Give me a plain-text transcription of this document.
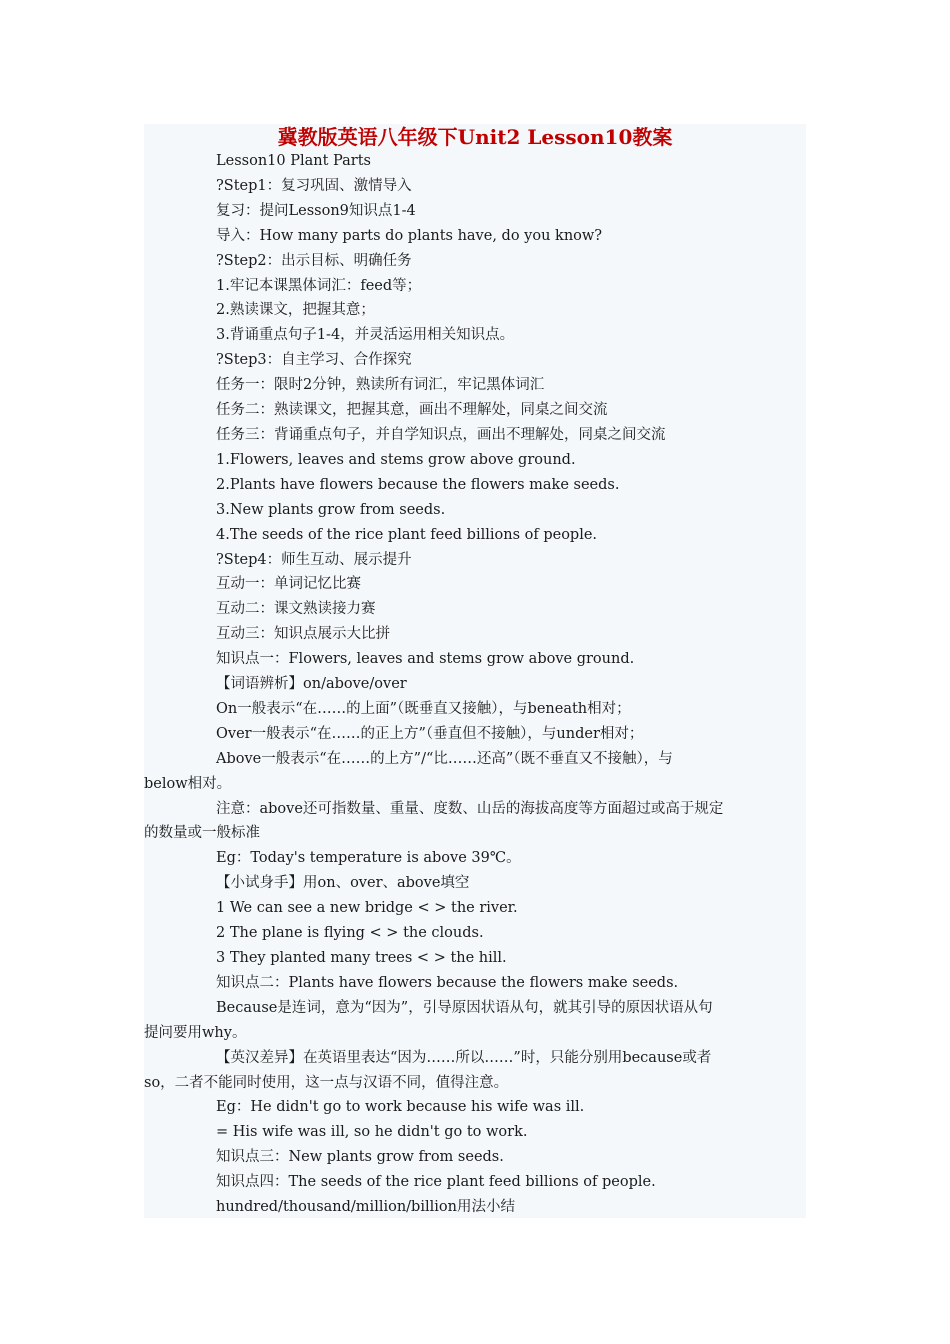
冀教版英语八年级下Unit2 Lesson10教案
Lesson10 Plant Parts
?Step1：复习巩固、激情导入
复习：提问Lesson9知识点1-4
导入：How many parts do plants have, do you know?
?Step2：出示目标、明确任务
1.牢记本课黑体词汇：feed等；
2.熟读课文，把握其意；
3.背诵重点句子1-4，并灵活运用相关知识点。
?Step3：自主学习、合作探究
任务一：限时2分钟，熟读所有词汇，牢记黑体词汇
任务二：熟读课文，把握其意，画出不理解处，同桌之间交流
任务三：背诵重点句子，并自学知识点，画出不理解处，同桌之间交流
1.Flowers, leaves and stems grow above ground.
2.Plants have flowers because the flowers make seeds.
3.New plants grow from seeds.
4.The seeds of the rice plant feed billions of people.
?Step4：师生互动、展示提升
互动一：单词记忆比赛
互动二：课文熟读接力赛
互动三：知识点展示大比拼
知识点一：Flowers, leaves and stems grow above ground.
【词语辨析】on/above/over
On一般表示“在……的上面”（既垂直又接触），与beneath相对；
Over一般表示“在……的正上方”（垂直但不接触），与under相对；
Above一般表示“在……的上方”/“比……还高”（既不垂直又不接触），与
below相对。
注意：above还可指数量、重量、度数、山岳的海拔高度等方面超过或高于规定
的数量或一般标准
Eg：Today's temperature is above 39℃。
【小试身手】用on、over、above填空
1 We can see a new bridge < > the river.
2 The plane is flying < > the clouds.
3 They planted many trees < > the hill.
知识点二：Plants have flowers because the flowers make seeds.
Because是连词，意为“因为”，引导原因状语从句，就其引导的原因状语从句
提问要用why。
【英汉差异】在英语里表达“因为……所以……”时，只能分别用because或者
so，二者不能同时使用，这一点与汉语不同，值得注意。
Eg：He didn't go to work because his wife was ill.
= His wife was ill, so he didn't go to work.
知识点三：New plants grow from seeds.
知识点四：The seeds of the rice plant feed billions of people.
hundred/thousand/million/billion用法小结
